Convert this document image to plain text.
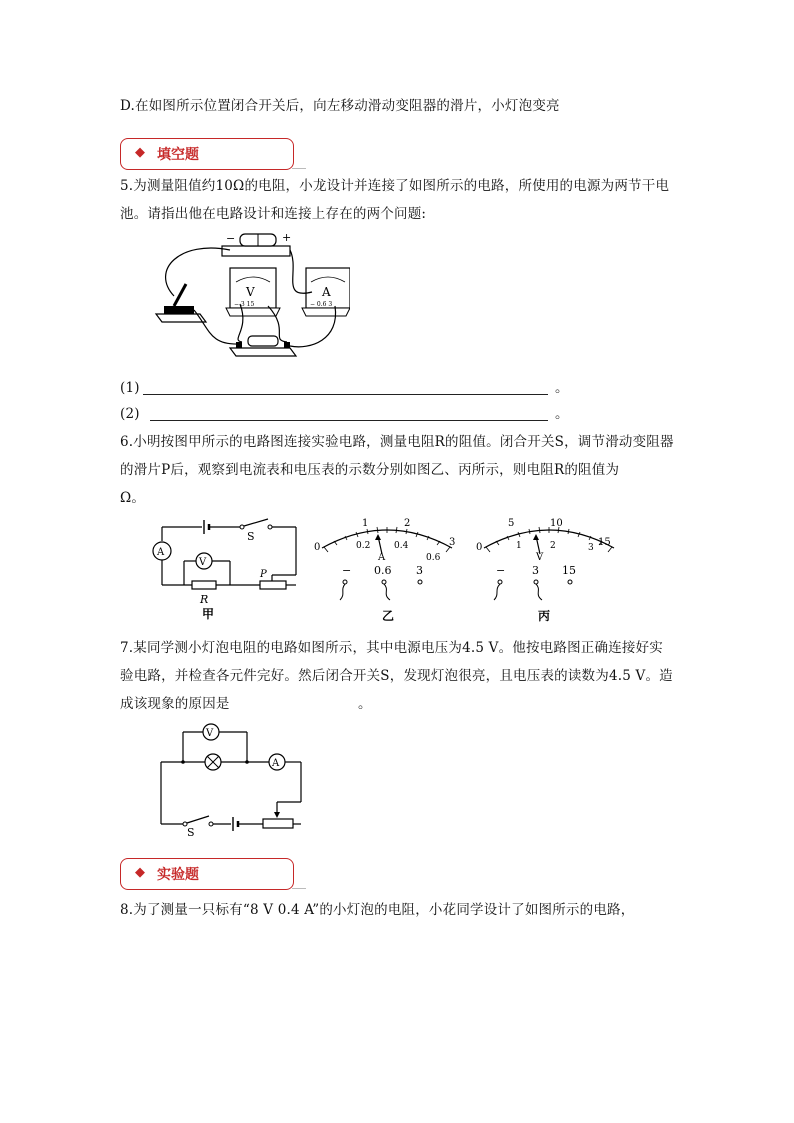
D.在如图所示位置闭合开关后，向左移动滑动变阻器的滑片，小灯泡变亮
◆ 填空题
5.为测量阻值约10Ω的电阻，小龙设计并连接了如图所示的电路，所使用的电源为两节干电
池。请指出他在电路设计和连接上存在的两个问题:
−	+
V
− 3 15
A
− 0.6 3
(1)	。
(2)	。
6.小明按图甲所示的电路图连接实验电路，测量电阻R的阻值。闭合开关S，调节滑动变阻器
的滑片P后，观察到电流表和电压表的示数分别如图乙、丙所示，则电阻R的阻值为
Ω。
S
A
R
P
V
甲
0
1	2
3
0.2	0.4
0.6
A
− 0.6 3
乙
0
5	10
15
1	2	3
V
− 3 15
丙
7.某同学测小灯泡电阻的电路如图所示，其中电源电压为4.5 V。他按电路图正确连接好实
验电路，并检查各元件完好。然后闭合开关S，发现灯泡很亮，且电压表的读数为4.5 V。造
成该现象的原因是	。
V
A
S
◆ 实验题
8.为了测量一只标有“8 V 0.4 A”的小灯泡的电阻，小花同学设计了如图所示的电路，
